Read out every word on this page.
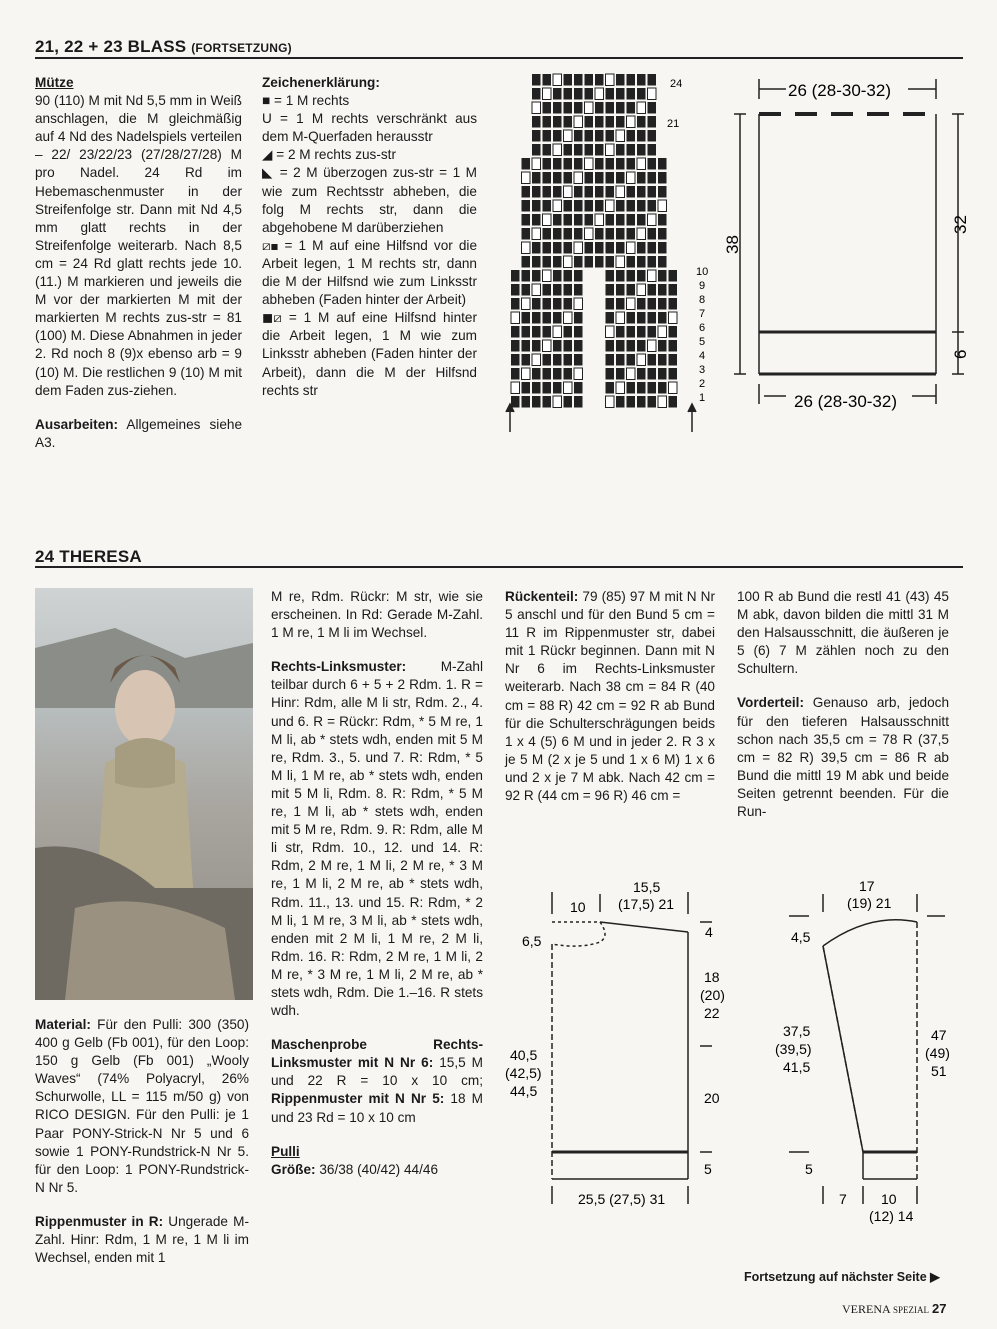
21, 22 + 23 BLASS (FORTSETZUNG)
Mütze

90 (110) M mit Nd 5,5 mm in Weiß anschlagen, die M gleichmäßig auf 4 Nd des Nadelspiels verteilen – 22/ 23/22/23 (27/28/27/28) M pro Nadel. 24 Rd im Hebemaschenmuster in der Streifenfolge str. Dann mit Nd 4,5 mm glatt rechts in der Streifenfolge weiterarb. Nach 8,5 cm = 24 Rd glatt rechts jede 10. (11.) M markieren und jeweils die M vor der markierten M mit der markierten M rechts zus-str = 81 (100) M. Diese Abnahmen in jeder 2. Rd noch 8 (9)x ebenso arb = 9 (10) M. Die restlichen 9 (10) M mit dem Faden zus-ziehen.

Ausarbeiten: Allgemeines siehe A3.
Zeichenerklärung:

■ = 1 M rechts

U = 1 M rechts verschränkt aus dem M-Querfaden herausstr

◢ = 2 M rechts zus-str

◣ = 2 M überzogen zus-str = 1 M wie zum Rechtsstr abheben, die folg M rechts str, dann die abgehobene M darüberziehen

⧄◼ = 1 M auf eine Hilfsnd vor die Arbeit legen, 1 M rechts str, dann die M der Hilfsnd wie zum Linksstr abheben (Faden hinter der Arbeit)

◼⧄ = 1 M auf eine Hilfsnd hinter die Arbeit legen, 1 M wie zum Linksstr abheben (Faden hinter der Arbeit), dann die M der Hilfsnd rechts str

24
21
10
9
8
7
6
5
4
3
2
1
26 (28-30-32)
26 (28-30-32)
38
32
6
24 THERESA

Material: Für den Pulli: 300 (350) 400 g Gelb (Fb 001), für den Loop: 150 g Gelb (Fb 001) „Wooly Waves“ (74% Polyacryl, 26% Schurwolle, LL = 115 m/50 g) von RICO DESIGN. Für den Pulli: je 1 Paar PONY-Strick-N Nr 5 und 6 sowie 1 PONY-Rundstrick-N Nr 5. für den Loop: 1 PONY-Rundstrick-N Nr 5.

Rippenmuster in R: Ungerade M-Zahl. Hinr: Rdm, 1 M re, 1 M li im Wechsel, enden mit 1

M re, Rdm. Rückr: M str, wie sie erscheinen. In Rd: Gerade M-Zahl. 1 M re, 1 M li im Wechsel.

Rechts-Linksmuster:	M-Zahl teilbar durch 6 + 5 + 2 Rdm. 1. R = Hinr: Rdm, alle M li str, Rdm. 2., 4. und 6. R = Rückr: Rdm, * 5 M re, 1 M li, ab * stets wdh, enden mit 5 M re, Rdm. 3., 5. und 7. R: Rdm, * 5 M li, 1 M re, ab * stets wdh, enden mit 5 M li, Rdm. 8. R: Rdm, * 5 M re, 1 M li, ab * stets wdh, enden mit 5 M re, Rdm. 9. R: Rdm, alle M li str, Rdm. 10., 12. und 14. R: Rdm, 2 M re, 1 M li, 2 M re, * 3 M re, 1 M li, 2 M re, ab * stets wdh, Rdm. 11., 13. und 15. R: Rdm, * 2 M li, 1 M re, 3 M li, ab * stets wdh, enden mit 2 M li, 1 M re, 2 M li, Rdm. 16. R: Rdm, 2 M re, 1 M li, 2 M re, * 3 M re, 1 M li, 2 M re, ab * stets wdh, Rdm. Die 1.–16. R stets wdh.

Maschenprobe Rechts-Linksmuster mit N Nr 6: 15,5 M und 22 R = 10 x 10 cm; Rippenmuster mit N Nr 5: 18 M und 23 Rd = 10 x 10 cm

Pulli
Größe: 36/38 (40/42) 44/46
Rückenteil: 79 (85) 97 M mit N Nr 5 anschl und für den Bund 5 cm = 11 R im Rippenmuster str, dabei mit 1 Rückr beginnen. Dann mit N Nr 6 im Rechts-Linksmuster weiterarb. Nach 38 cm = 84 R (40 cm = 88 R) 42 cm = 92 R ab Bund für die Schulterschrägungen beids 1 x 4 (5) 6 M und in jeder 2. R 3 x je 5 M (2 x je 5 und 1 x 6 M) 1 x 6 und 2 x je 7 M abk. Nach 42 cm = 92 R (44 cm = 96 R) 46 cm =

100 R ab Bund die restl 41 (43) 45 M abk, davon bilden die mittl 31 M den Halsausschnitt, die äußeren je 5 (6) 7 M zählen noch zu den Schultern.

Vorderteil: Genauso arb, jedoch für den tieferen Halsausschnitt schon nach 35,5 cm = 78 R (37,5 cm = 82 R) 39,5 cm = 86 R ab Bund die mittl 19 M abk und beide Seiten getrennt beenden. Für die Run-
10
15,5
(17,5) 21
6,5
4
18
(20)
22
40,5
(42,5)
44,5	20
5
25,5 (27,5) 31
17
(19) 21
4,5
37,5
(39,5)
41,5
47
(49)
51
5
7 10
(12) 14
Fortsetzung auf nächster Seite ▶
VERENA SPEZIAL 27
